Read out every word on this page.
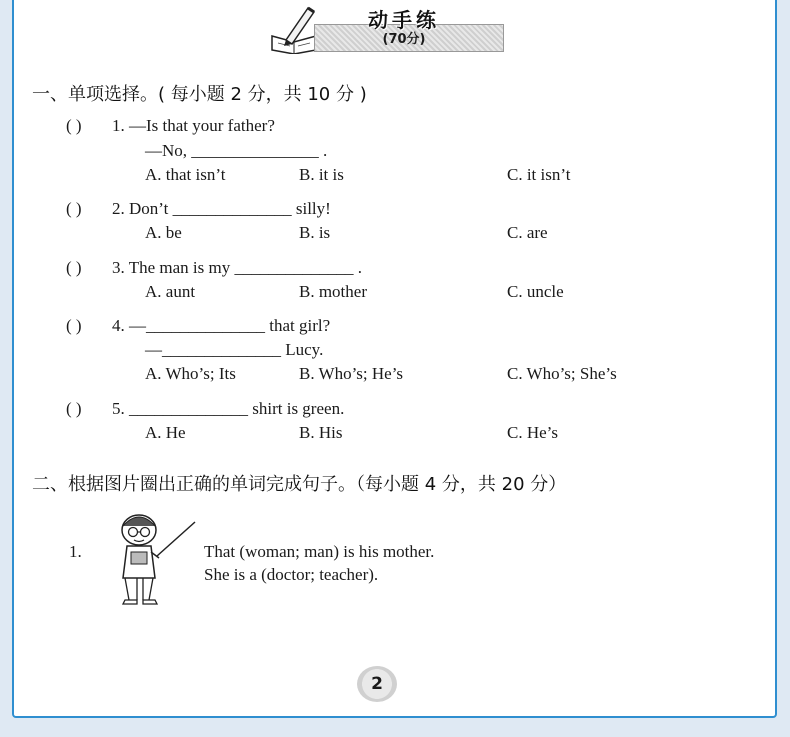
动手练
(70分)
一、单项选择。( 每小题 2 分，共 10 分 )
( ) 1. —Is that your father?
—No, _______________ .
A. that isn’t	B. it is	C. it isn’t
( ) 2. Don’t ______________ silly!
A. be	B. is	C. are
( ) 3. The man is my ______________ .
A. aunt	B. mother	C. uncle
( ) 4. —______________ that girl?
—______________ Lucy.
A. Who’s; Its	B. Who’s; He’s	C. Who’s; She’s
( ) 5. ______________ shirt is green.
A. He	B. His	C. He’s
二、根据图片圈出正确的单词完成句子。（每小题 4 分，共 20 分）
1.	That (woman; man) is his mother.
She is a (doctor; teacher).
2
